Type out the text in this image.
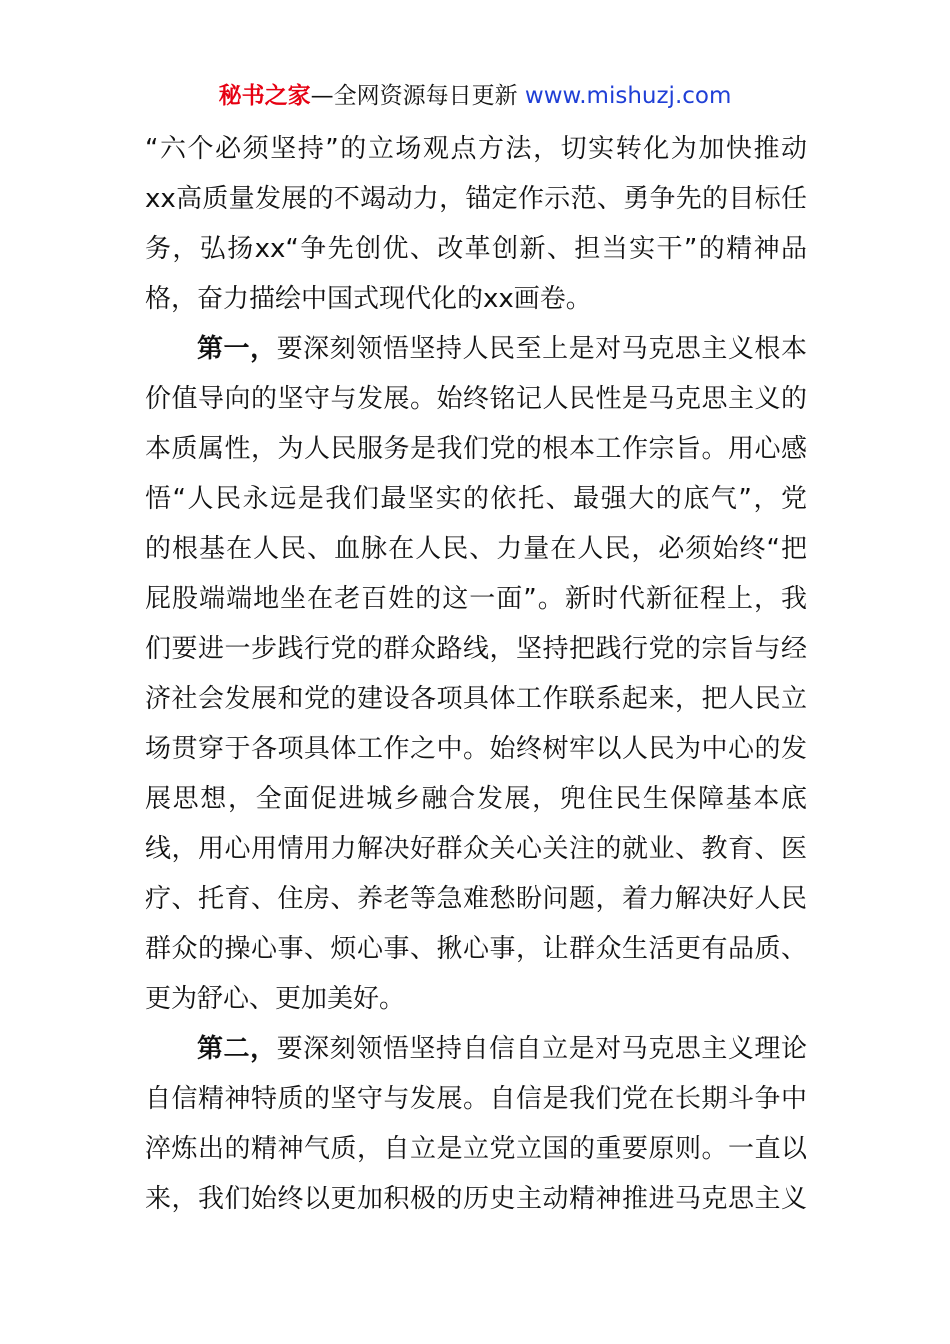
秘书之家—全网资源每日更新 www.mishuzj.com
“六个必须坚持”的立场观点方法，切实转化为加快推动
xx高质量发展的不竭动力，锚定作示范、勇争先的目标任
务，弘扬xx“争先创优、改革创新、担当实干”的精神品
格，奋力描绘中国式现代化的xx画卷。
第一，要深刻领悟坚持人民至上是对马克思主义根本
价值导向的坚守与发展。始终铭记人民性是马克思主义的
本质属性，为人民服务是我们党的根本工作宗旨。用心感
悟“人民永远是我们最坚实的依托、最强大的底气”，党
的根基在人民、血脉在人民、力量在人民，必须始终“把
屁股端端地坐在老百姓的这一面”。新时代新征程上，我
们要进一步践行党的群众路线，坚持把践行党的宗旨与经
济社会发展和党的建设各项具体工作联系起来，把人民立
场贯穿于各项具体工作之中。始终树牢以人民为中心的发
展思想，全面促进城乡融合发展，兜住民生保障基本底
线，用心用情用力解决好群众关心关注的就业、教育、医
疗、托育、住房、养老等急难愁盼问题，着力解决好人民
群众的操心事、烦心事、揪心事，让群众生活更有品质、
更为舒心、更加美好。
第二，要深刻领悟坚持自信自立是对马克思主义理论
自信精神特质的坚守与发展。自信是我们党在长期斗争中
淬炼出的精神气质，自立是立党立国的重要原则。一直以
来，我们始终以更加积极的历史主动精神推进马克思主义
